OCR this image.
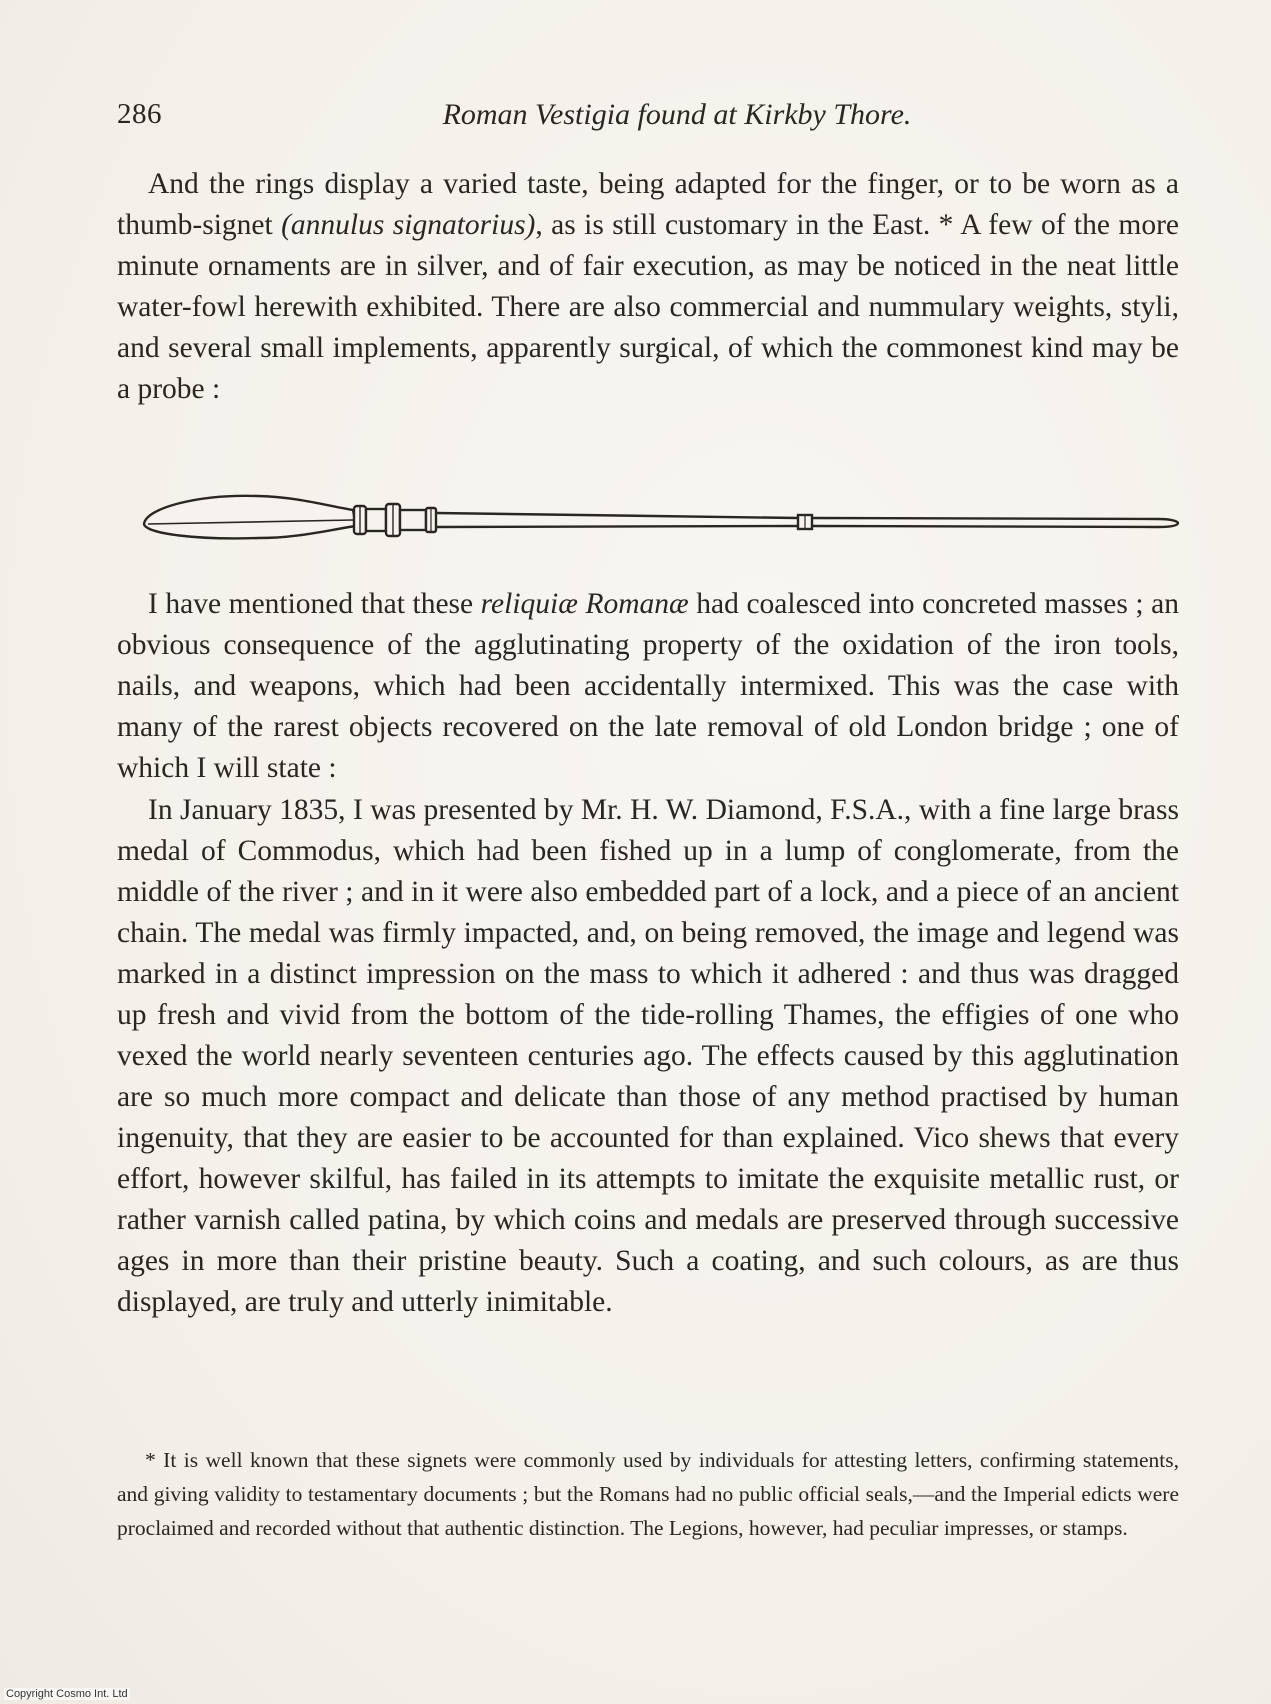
286	Roman Vestigia found at Kirkby Thore.

And the rings display a varied taste, being adapted for the finger, or to be worn as a thumb-signet (annulus signatorius), as is still customary in the East. * A few of the more minute ornaments are in silver, and of fair execution, as may be noticed in the neat little water-fowl herewith exhibited. There are also commercial and nummulary weights, styli, and several small implements, apparently surgical, of which the commonest kind may be a probe :

I have mentioned that these reliquiæ Romanæ had coalesced into concreted masses ; an obvious consequence of the agglutinating property of the oxidation of the iron tools, nails, and weapons, which had been accidentally intermixed. This was the case with many of the rarest objects recovered on the late removal of old London bridge ; one of which I will state :

In January 1835, I was presented by Mr. H. W. Diamond, F.S.A., with a fine large brass medal of Commodus, which had been fished up in a lump of conglomerate, from the middle of the river ; and in it were also embedded part of a lock, and a piece of an ancient chain. The medal was firmly impacted, and, on being removed, the image and legend was marked in a distinct impression on the mass to which it adhered : and thus was dragged up fresh and vivid from the bottom of the tide-rolling Thames, the effigies of one who vexed the world nearly seventeen centuries ago. The effects caused by this agglutination are so much more compact and delicate than those of any method practised by human ingenuity, that they are easier to be accounted for than explained. Vico shews that every effort, however skilful, has failed in its attempts to imitate the exquisite metallic rust, or rather varnish called patina, by which coins and medals are preserved through successive ages in more than their pristine beauty. Such a coating, and such colours, as are thus displayed, are truly and utterly inimitable.

* It is well known that these signets were commonly used by individuals for attesting letters, confirming statements, and giving validity to testamentary documents ; but the Romans had no public official seals,—and the Imperial edicts were proclaimed and recorded without that authentic distinction. The Legions, however, had peculiar impresses, or stamps.

Copyright Cosmo Int. Ltd
